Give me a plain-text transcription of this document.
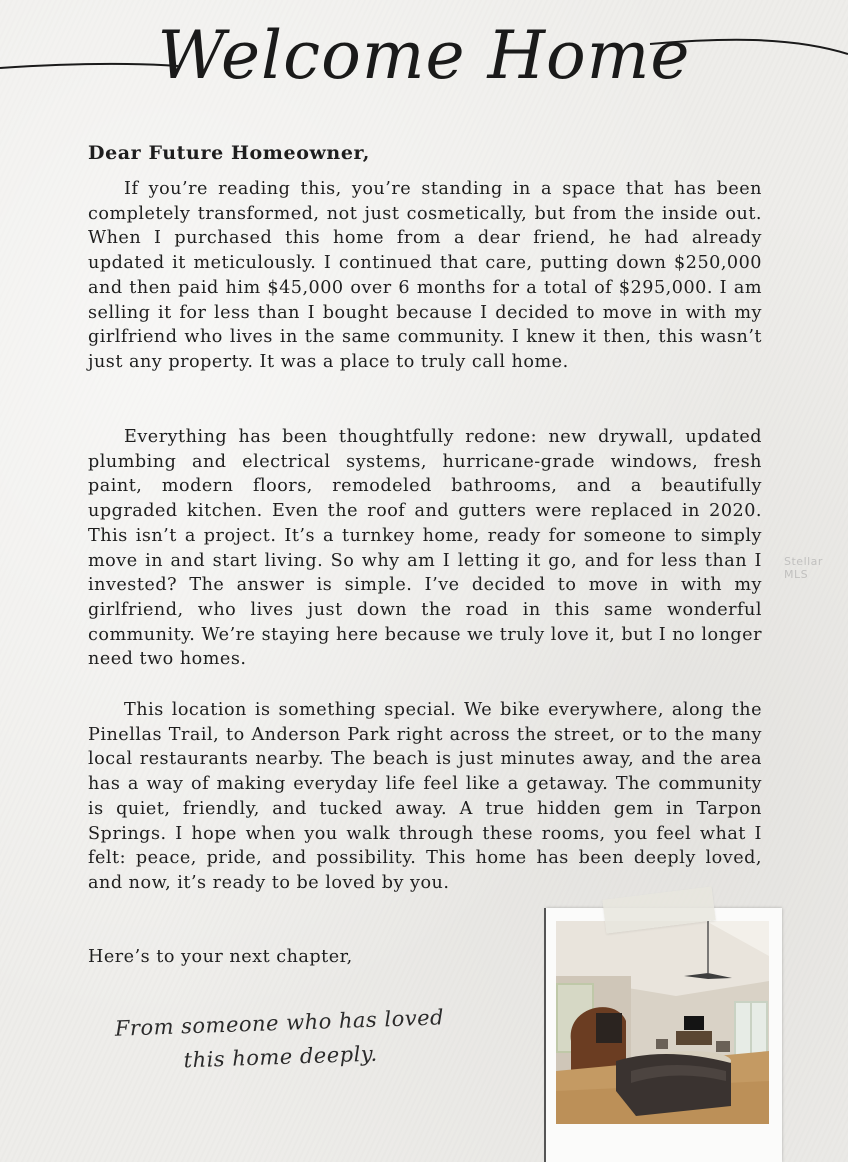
Welcome Home
Dear Future Homeowner,

If you’re reading this, you’re standing in a space that has been completely transformed, not just cosmetically, but from the inside out. When I purchased this home from a dear friend, he had already updated it meticulously. I continued that care, putting down $250,000 and then paid him $45,000 over 6 months for a total of $295,000. I am selling it for less than I bought because I decided to move in with my girlfriend who lives in the same community. I knew it then, this wasn’t just any property. It was a place to truly call home.

Everything has been thoughtfully redone: new drywall, updated plumbing and electrical systems, hurricane-grade windows, fresh paint, modern floors, remodeled bathrooms, and a beautifully upgraded kitchen. Even the roof and gutters were replaced in 2020. This isn’t a project. It’s a turnkey home, ready for someone to simply move in and start living. So why am I letting it go, and for less than I invested? The answer is simple. I’ve decided to move in with my girlfriend, who lives just down the road in this same wonderful community. We’re staying here because we truly love it, but I no longer need two homes.

This location is something special. We bike everywhere, along the Pinellas Trail, to Anderson Park right across the street, or to the many local restaurants nearby. The beach is just minutes away, and the area has a way of making everyday life feel like a getaway. The community is quiet, friendly, and tucked away. A true hidden gem in Tarpon Springs. I hope when you walk through these rooms, you feel what I felt: peace, pride, and possibility. This home has been deeply loved, and now, it’s ready to be loved by you.

Stellar MLS
Here’s to your next chapter,
From someone who has loved
this home deeply.
